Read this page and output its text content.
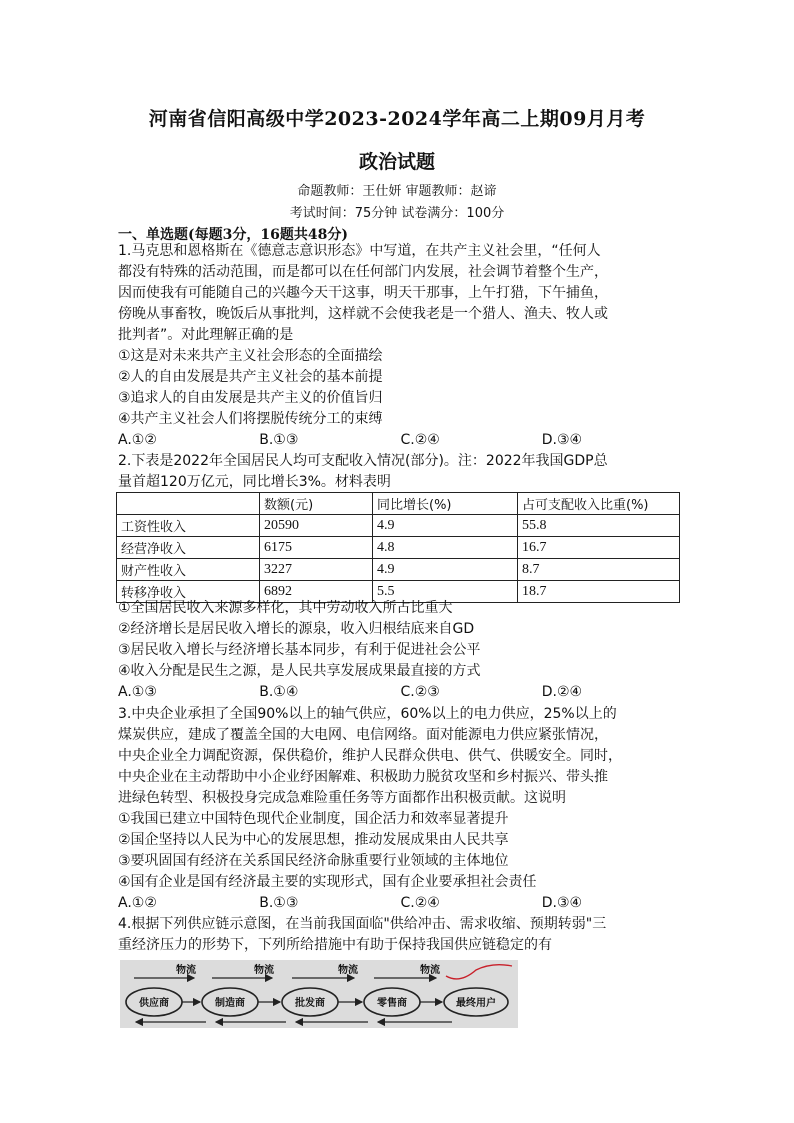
河南省信阳高级中学2023-2024学年高二上期09月月考
政治试题
命题教师：王仕妍 审题教师：赵谛
考试时间：75分钟 试卷满分：100分
一、单选题(每题3分，16题共48分)
1.马克思和恩格斯在《德意志意识形态》中写道，在共产主义社会里，“任何人
都没有特殊的活动范围，而是都可以在任何部门内发展，社会调节着整个生产，
因而使我有可能随自己的兴趣今天干这事，明天干那事，上午打猎，下午捕鱼，
傍晚从事畜牧，晚饭后从事批判，这样就不会使我老是一个猎人、渔夫、牧人或
批判者”。对此理解正确的是
①这是对未来共产主义社会形态的全面描绘
②人的自由发展是共产主义社会的基本前提
③追求人的自由发展是共产主义的价值旨归
④共产主义社会人们将摆脱传统分工的束缚
A.①②	B.①③	C.②④	D.③④
2.下表是2022年全国居民人均可支配收入情况(部分)。注：2022年我国GDP总
量首超120万亿元，同比增长3%。材料表明
	数额(元)	同比增长(%)	占可支配收入比重(%)
工资性收入	20590	4.9	55.8
经营净收入	6175	4.8	16.7
财产性收入	3227	4.9	8.7
转移净收入	6892	5.5	18.7
①全国居民收入来源多样化，其中劳动收入所占比重大
②经济增长是居民收入增长的源泉，收入归根结底来自GD
③居民收入增长与经济增长基本同步，有利于促进社会公平
④收入分配是民生之源，是人民共享发展成果最直接的方式
A.①③	B.①④	C.②③	D.②④
3.中央企业承担了全国90%以上的轴气供应，60%以上的电力供应，25%以上的
煤炭供应，建成了覆盖全国的大电网、电信网络。面对能源电力供应紧张情况，
中央企业全力调配资源，保供稳价，维护人民群众供电、供气、供暖安全。同时，
中央企业在主动帮助中小企业纾困解难、积极助力脱贫攻坚和乡村振兴、带头推
进绿色转型、积极投身完成急难险重任务等方面都作出积极贡献。这说明
①我国已建立中国特色现代企业制度，国企活力和效率显著提升
②国企坚持以人民为中心的发展思想，推动发展成果由人民共享
③要巩固国有经济在关系国民经济命脉重要行业领域的主体地位
④国有企业是国有经济最主要的实现形式，国有企业要承担社会责任
A.①②	B.①③	C.②④	D.③④
4.根据下列供应链示意图，在当前我国面临"供给冲击、需求收缩、预期转弱"三
重经济压力的形势下，下列所给措施中有助于保持我国供应链稳定的有
物流	物流	物流	物流
供应商	制造商	批发商	零售商	最终用户
